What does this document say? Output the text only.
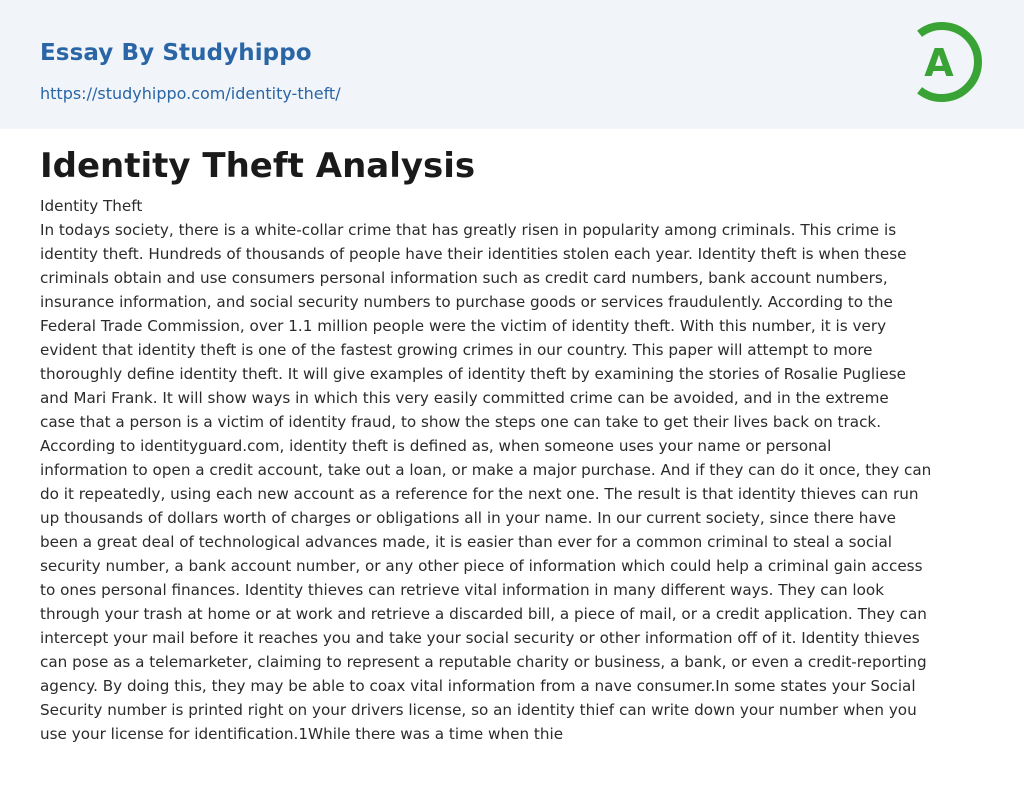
Essay By Studyhippo
https://studyhippo.com/identity-theft/
A
Identity Theft Analysis
Identity Theft
In todays society, there is a white-collar crime that has greatly risen in popularity among criminals. This crime is
identity theft. Hundreds of thousands of people have their identities stolen each year. Identity theft is when these
criminals obtain and use consumers personal information such as credit card numbers, bank account numbers,
insurance information, and social security numbers to purchase goods or services fraudulently. According to the
Federal Trade Commission, over 1.1 million people were the victim of identity theft. With this number, it is very
evident that identity theft is one of the fastest growing crimes in our country. This paper will attempt to more
thoroughly define identity theft. It will give examples of identity theft by examining the stories of Rosalie Pugliese
and Mari Frank. It will show ways in which this very easily committed crime can be avoided, and in the extreme
case that a person is a victim of identity fraud, to show the steps one can take to get their lives back on track.
According to identityguard.com, identity theft is defined as, when someone uses your name or personal
information to open a credit account, take out a loan, or make a major purchase. And if they can do it once, they can
do it repeatedly, using each new account as a reference for the next one. The result is that identity thieves can run
up thousands of dollars worth of charges or obligations all in your name. In our current society, since there have
been a great deal of technological advances made, it is easier than ever for a common criminal to steal a social
security number, a bank account number, or any other piece of information which could help a criminal gain access
to ones personal finances. Identity thieves can retrieve vital information in many different ways. They can look
through your trash at home or at work and retrieve a discarded bill, a piece of mail, or a credit application. They can
intercept your mail before it reaches you and take your social security or other information off of it. Identity thieves
can pose as a telemarketer, claiming to represent a reputable charity or business, a bank, or even a credit-reporting
agency. By doing this, they may be able to coax vital information from a nave consumer.In some states your Social
Security number is printed right on your drivers license, so an identity thief can write down your number when you
use your license for identification.1While there was a time when thie
